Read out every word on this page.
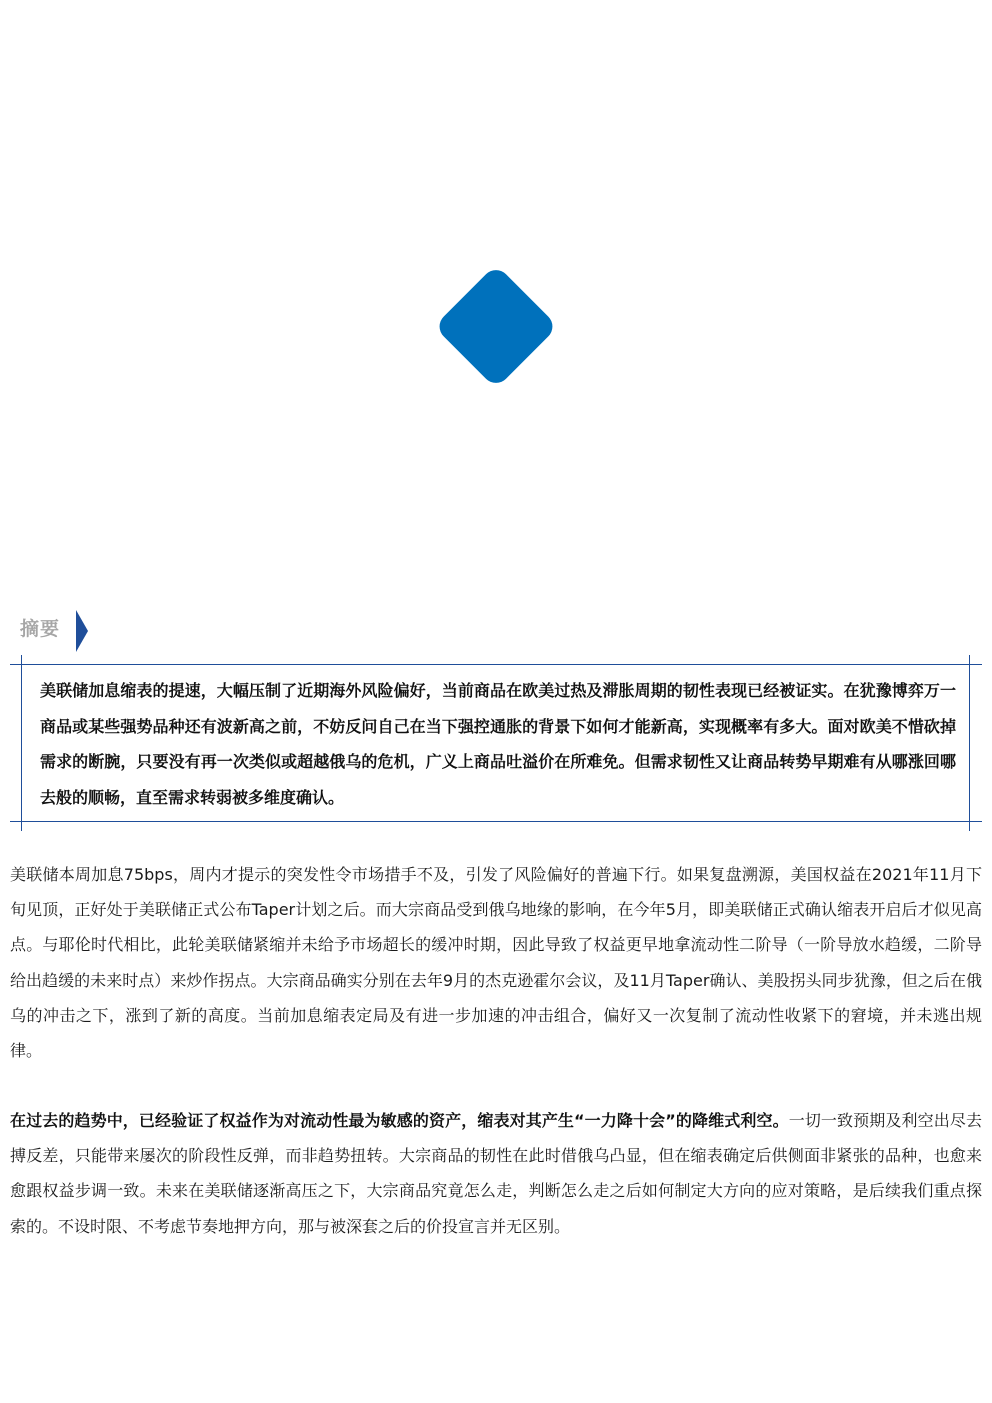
摘要

美联储加息缩表的提速，大幅压制了近期海外风险偏好，当前商品在欧美过热及滞胀周期的韧性表现已经被证实。在犹豫博弈万一商品或某些强势品种还有波新高之前，不妨反问自己在当下强控通胀的背景下如何才能新高，实现概率有多大。面对欧美不惜砍掉需求的断腕，只要没有再一次类似或超越俄乌的危机，广义上商品吐溢价在所难免。但需求韧性又让商品转势早期难有从哪涨回哪去般的顺畅，直至需求转弱被多维度确认。

美联储本周加息75bps，周内才提示的突发性令市场措手不及，引发了风险偏好的普遍下行。如果复盘溯源，美国权益在2021年11月下旬见顶，正好处于美联储正式公布Taper计划之后。而大宗商品受到俄乌地缘的影响，在今年5月，即美联储正式确认缩表开启后才似见高点。与耶伦时代相比，此轮美联储紧缩并未给予市场超长的缓冲时期，因此导致了权益更早地拿流动性二阶导（一阶导放水趋缓，二阶导给出趋缓的未来时点）来炒作拐点。大宗商品确实分别在去年9月的杰克逊霍尔会议，及11月Taper确认、美股拐头同步犹豫，但之后在俄乌的冲击之下，涨到了新的高度。当前加息缩表定局及有进一步加速的冲击组合，偏好又一次复制了流动性收紧下的窘境，并未逃出规律。

在过去的趋势中，已经验证了权益作为对流动性最为敏感的资产，缩表对其产生“一力降十会”的降维式利空。一切一致预期及利空出尽去搏反差，只能带来屡次的阶段性反弹，而非趋势扭转。大宗商品的韧性在此时借俄乌凸显，但在缩表确定后供侧面非紧张的品种，也愈来愈跟权益步调一致。未来在美联储逐渐高压之下，大宗商品究竟怎么走，判断怎么走之后如何制定大方向的应对策略，是后续我们重点探索的。不设时限、不考虑节奏地押方向，那与被深套之后的价投宣言并无区别。
